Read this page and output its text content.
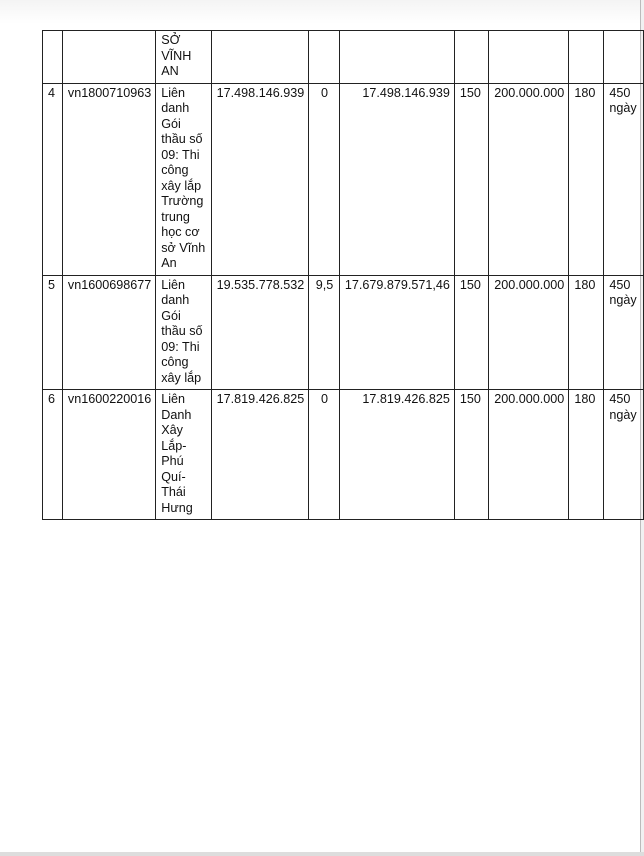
		SỞ VĨNH AN							
4	vn1800710963	Liên danh Gói thầu số 09: Thi công xây lắp Trường trung học cơ sở Vĩnh An	17.498.146.939	0	17.498.146.939	150	200.000.000	180	450 ngày
5	vn1600698677	Liên danh Gói thầu số 09: Thi công xây lắp	19.535.778.532	9,5	17.679.879.571,46	150	200.000.000	180	450 ngày
6	vn1600220016	Liên Danh Xây Lắp-Phú Quí-Thái Hưng	17.819.426.825	0	17.819.426.825	150	200.000.000	180	450 ngày
